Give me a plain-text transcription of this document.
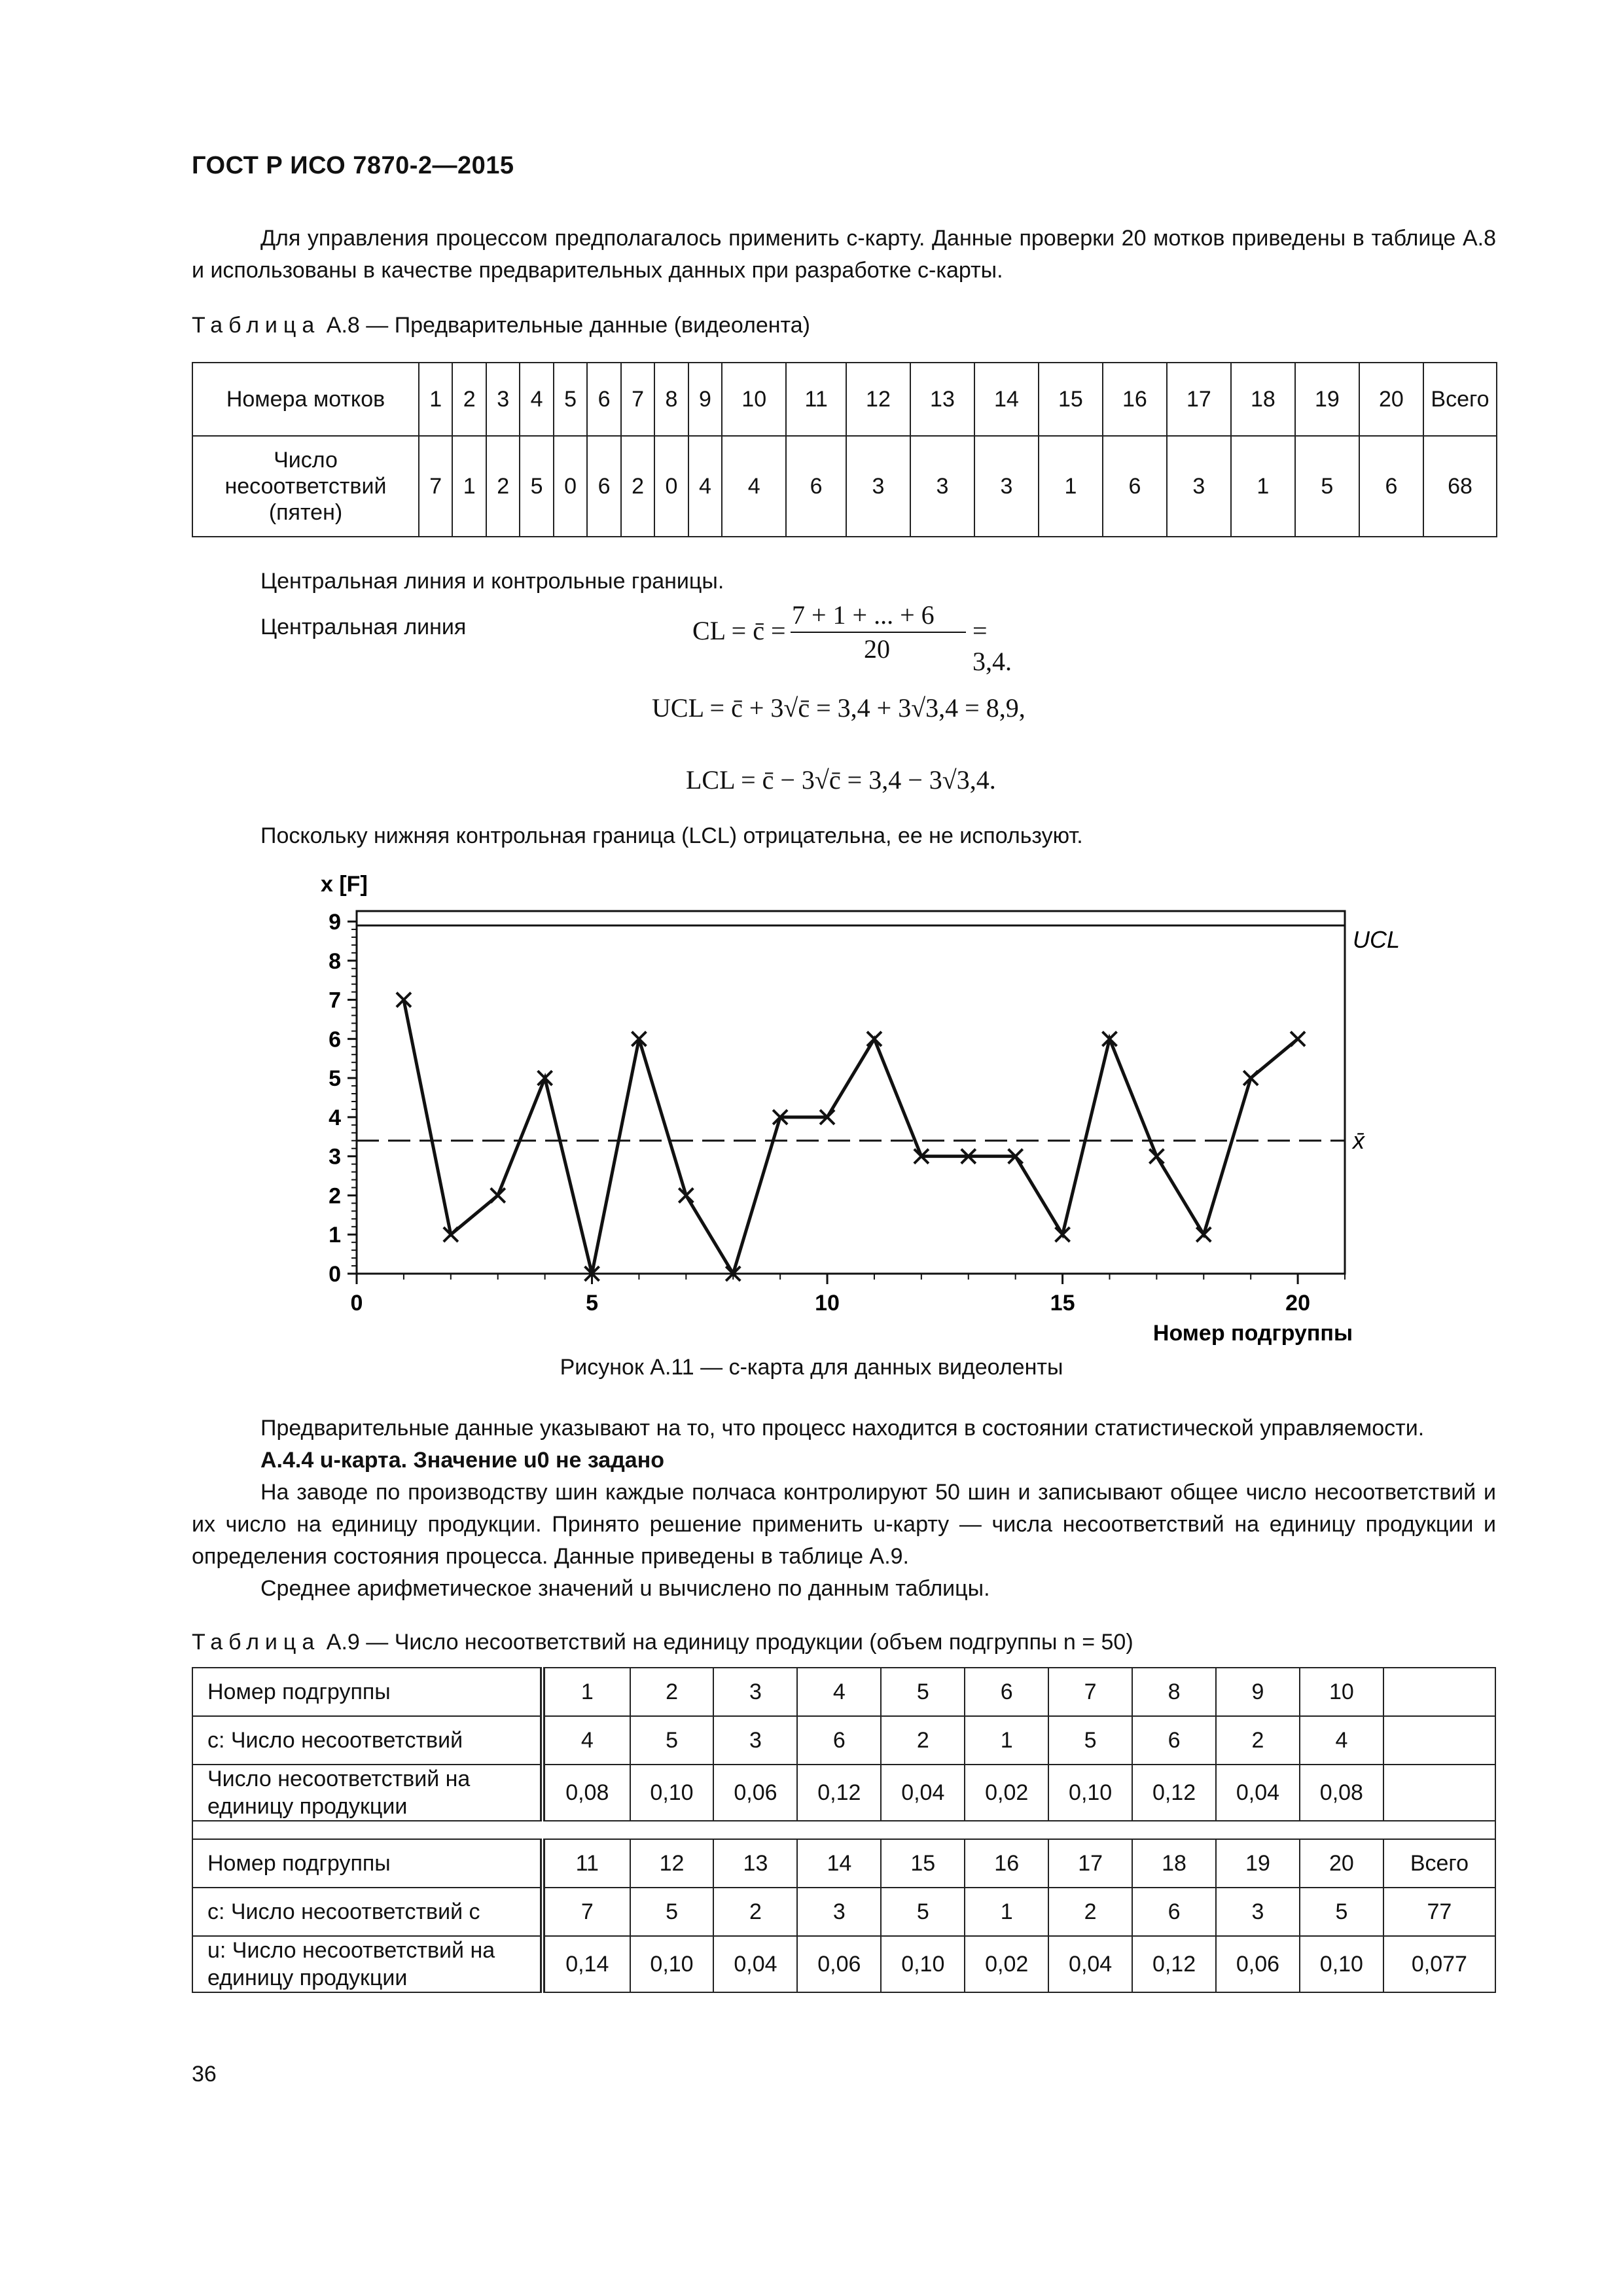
ГОСТ Р ИСО 7870-2—2015
Для управления процессом предполагалось применить c-карту. Данные проверки 20 мотков приведены в таблице А.8 и использованы в качестве предварительных данных при разработке c-карты.
Таблица А.8 — Предварительные данные (видеолента)
Номера мотков	1	2	3	4	5	6	7	8	9	10	11	12	13	14	15	16	17	18	19	20	Всего
Число несоответствий (пятен)	7	1	2	5	0	6	2	0	4	4	6	3	3	3	1	6	3	1	5	6	68
Центральная линия и контрольные границы.
Центральная линия	CL = c̄ =
7 + 1 + ... + 6
20
= 3,4.
UCL = c̄ + 3√c̄ = 3,4 + 3√3,4 = 8,9,
LCL = c̄ − 3√c̄ = 3,4 − 3√3,4.
Поскольку нижняя контрольная граница (LCL) отрицательна, ее не используют.
0
1
2
3
4
5
6
7
8
9
0	5	10	15	20
x [F]
Номер подгруппы
UCL
x̄
Рисунок А.11 — c-карта для данных видеоленты
Предварительные данные указывают на то, что процесс находится в состоянии статистической управляемости.
А.4.4 u-карта. Значение u0 не задано
На заводе по производству шин каждые полчаса контролируют 50 шин и записывают общее число несоответствий и их число на единицу продукции. Принято решение применить u-карту — числа несоответствий на единицу продукции и определения состояния процесса. Данные приведены в таблице А.9.
Среднее арифметическое значений u вычислено по данным таблицы.
Таблица А.9 — Число несоответствий на единицу продукции (объем подгруппы n = 50)
Номер подгруппы	1	2	3	4	5	6	7	8	9	10	
c: Число несоответствий	4	5	3	6	2	1	5	6	2	4	
Число несоответствий на единицу продукции	0,08	0,10	0,06	0,12	0,04	0,02	0,10	0,12	0,04	0,08	

Номер подгруппы	11	12	13	14	15	16	17	18	19	20	Всего
c: Число несоответствий c	7	5	2	3	5	1	2	6	3	5	77
u: Число несоответствий на единицу продукции	0,14	0,10	0,04	0,06	0,10	0,02	0,04	0,12	0,06	0,10	0,077
36
